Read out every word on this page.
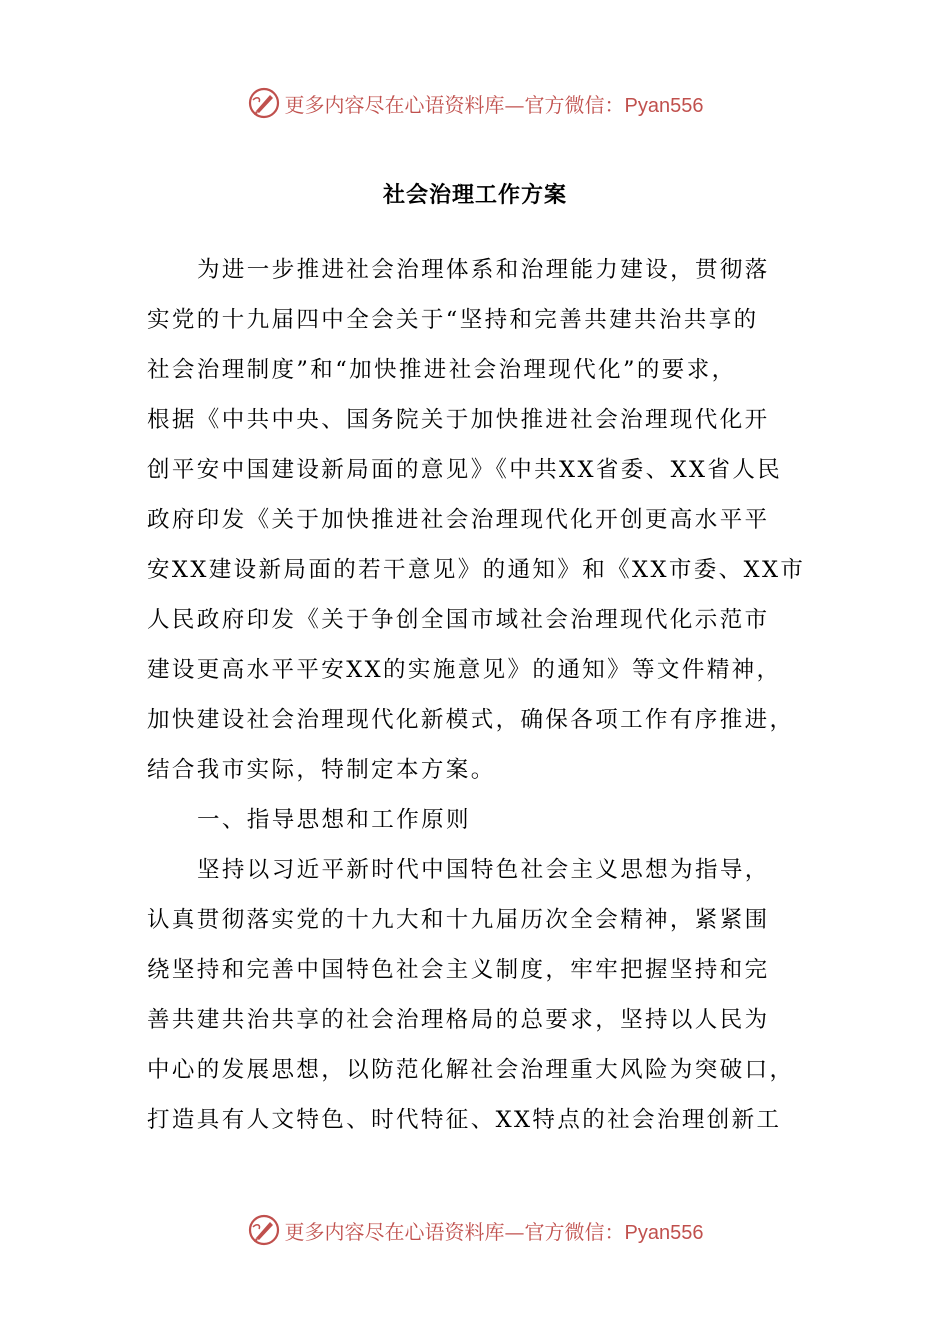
更多内容尽在心语资料库—官方微信：Pyan556
社会治理工作方案
为进一步推进社会治理体系和治理能力建设，贯彻落
实党的十九届四中全会关于“坚持和完善共建共治共享的
社会治理制度”和“加快推进社会治理现代化”的要求，
根据《中共中央、国务院关于加快推进社会治理现代化开
创平安中国建设新局面的意见》《中共XX省委、XX省人民
政府印发《关于加快推进社会治理现代化开创更高水平平
安XX建设新局面的若干意见》的通知》和《XX市委、XX市
人民政府印发《关于争创全国市域社会治理现代化示范市
建设更高水平平安XX的实施意见》的通知》等文件精神，
加快建设社会治理现代化新模式，确保各项工作有序推进，
结合我市实际，特制定本方案。
一、指导思想和工作原则
坚持以习近平新时代中国特色社会主义思想为指导，
认真贯彻落实党的十九大和十九届历次全会精神，紧紧围
绕坚持和完善中国特色社会主义制度，牢牢把握坚持和完
善共建共治共享的社会治理格局的总要求，坚持以人民为
中心的发展思想，以防范化解社会治理重大风险为突破口，
打造具有人文特色、时代特征、XX特点的社会治理创新工
更多内容尽在心语资料库—官方微信：Pyan556
